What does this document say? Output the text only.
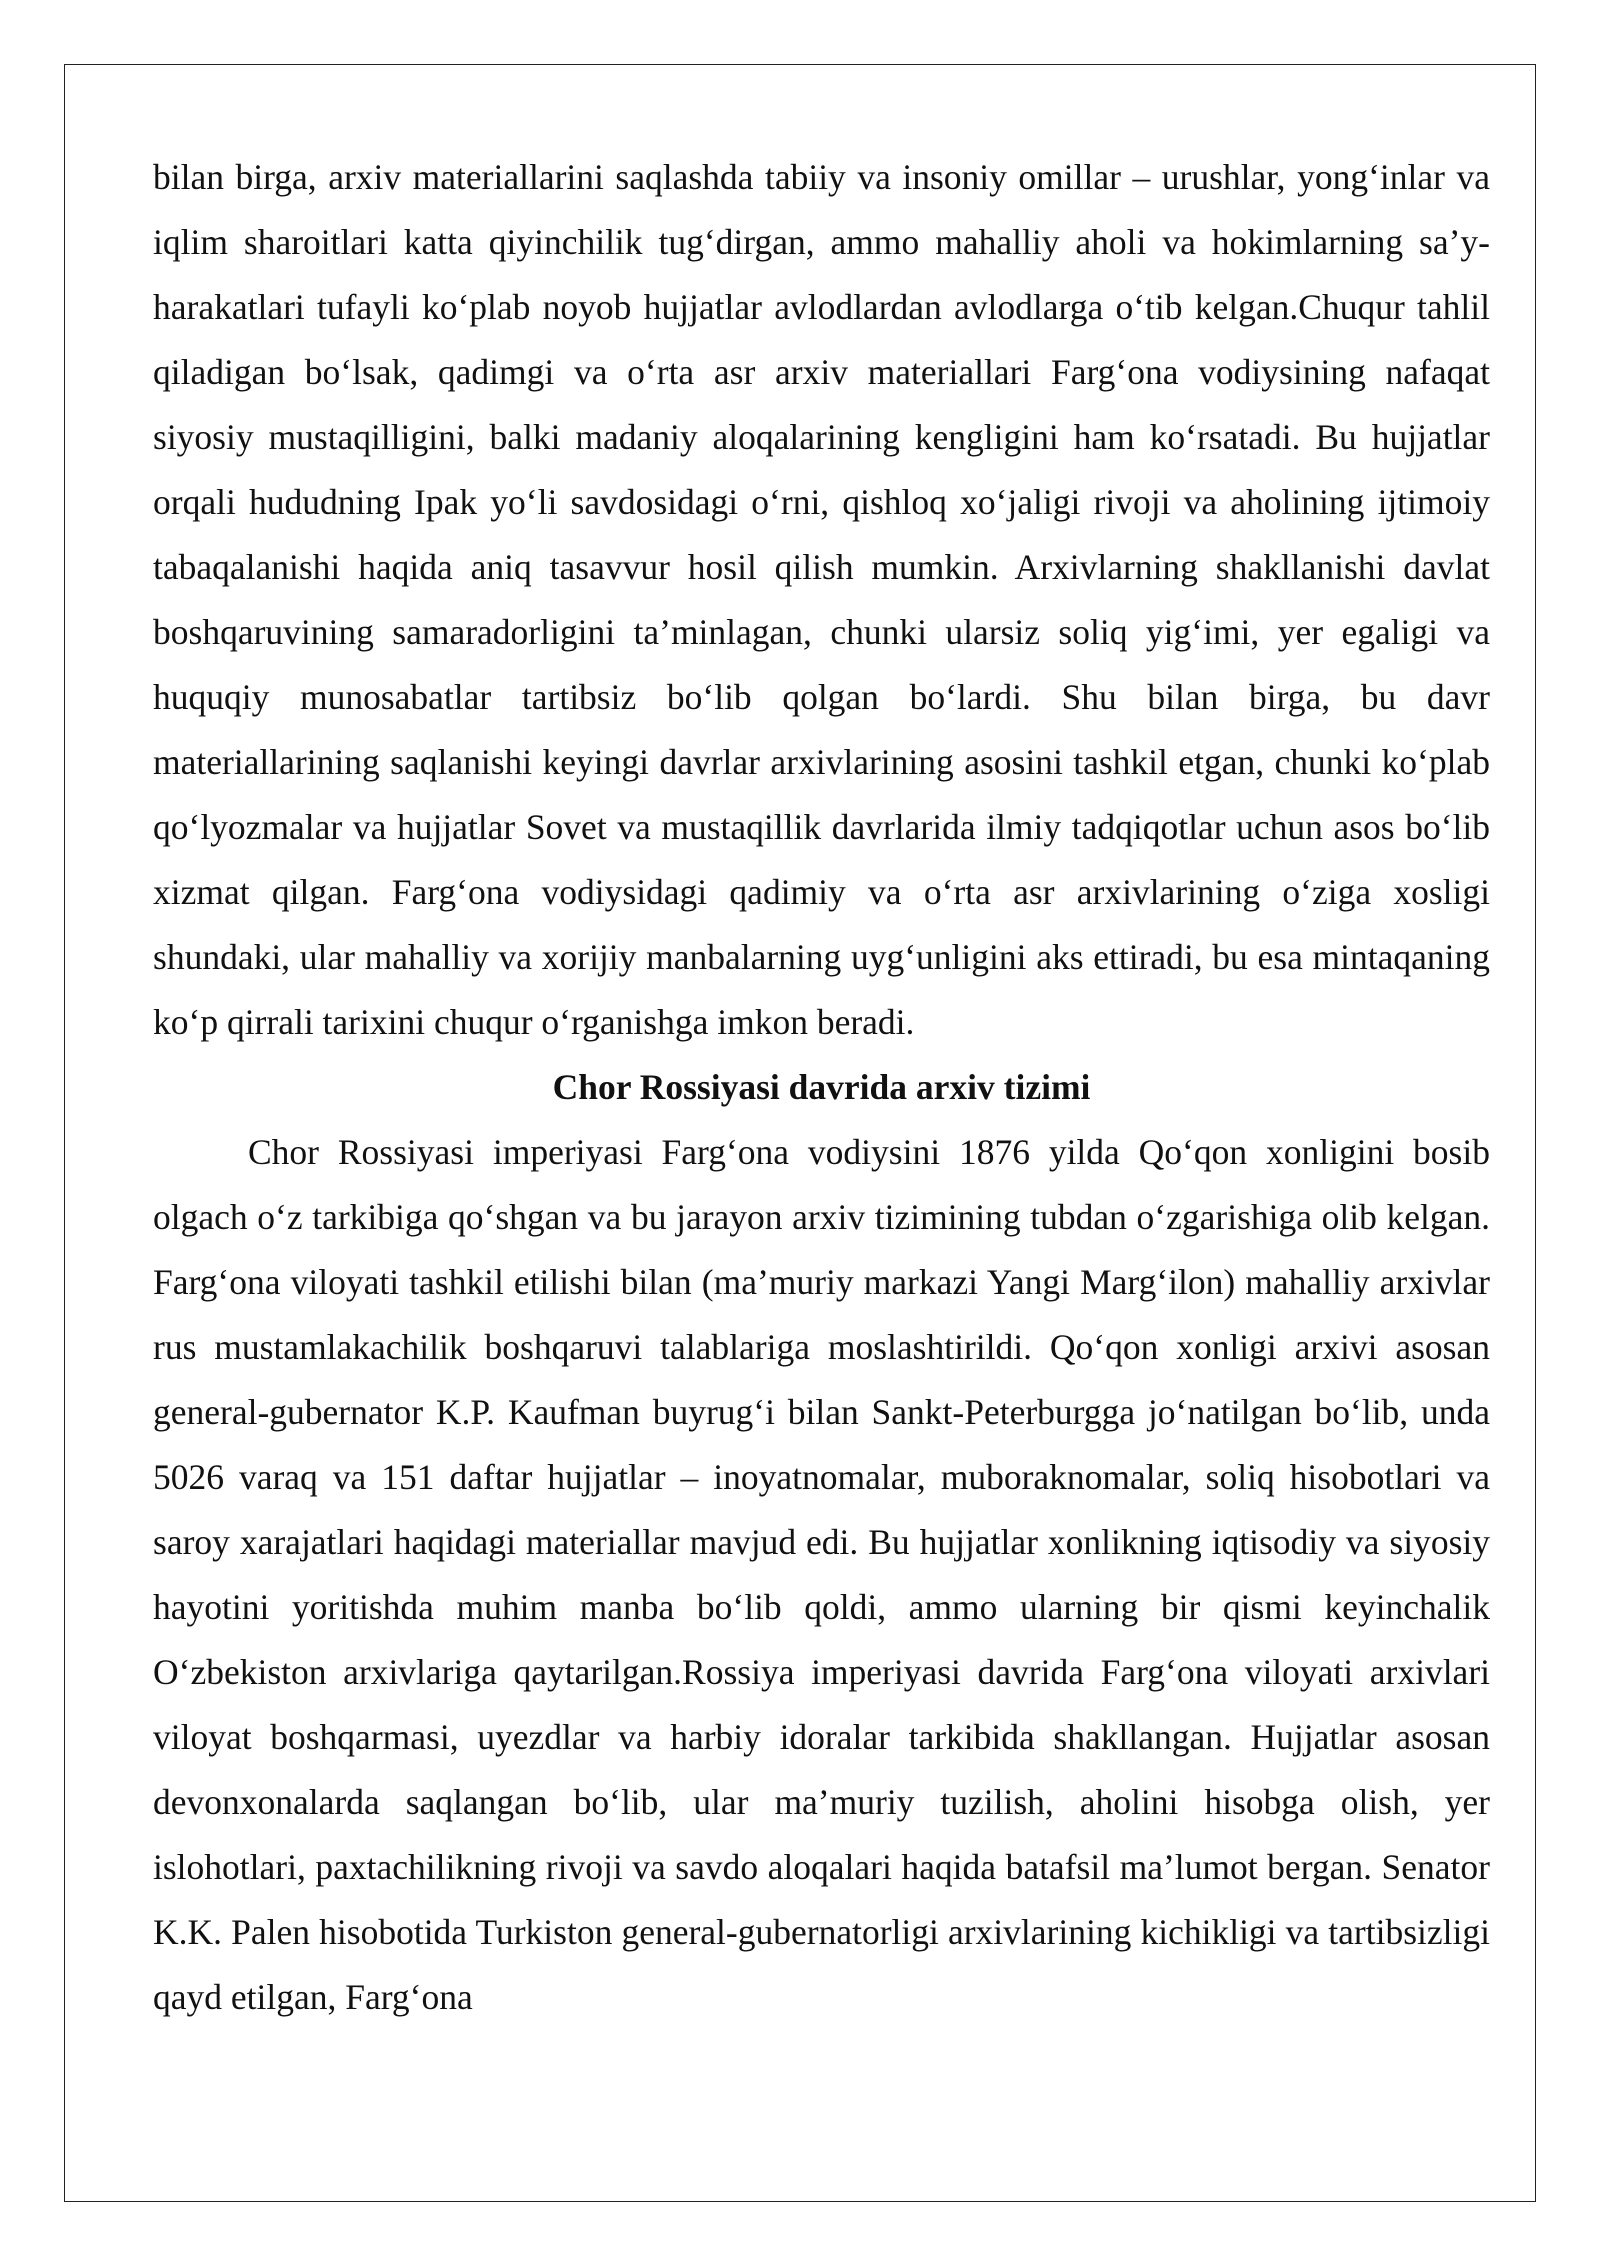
bilan birga, arxiv materiallarini saqlashda tabiiy va insoniy omillar – urushlar, yong‘inlar va iqlim sharoitlari katta qiyinchilik tug‘dirgan, ammo mahalliy aholi va hokimlarning sa’y-harakatlari tufayli ko‘plab noyob hujjatlar avlodlardan avlodlarga o‘tib kelgan.Chuqur tahlil qiladigan bo‘lsak, qadimgi va o‘rta asr arxiv materiallari Farg‘ona vodiysining nafaqat siyosiy mustaqilligini, balki madaniy aloqalarining kengligini ham ko‘rsatadi. Bu hujjatlar orqali hududning Ipak yo‘li savdosidagi o‘rni, qishloq xo‘jaligi rivoji va aholining ijtimoiy tabaqalanishi haqida aniq tasavvur hosil qilish mumkin. Arxivlarning shakllanishi davlat boshqaruvining samaradorligini ta’minlagan, chunki ularsiz soliq yig‘imi, yer egaligi va huquqiy munosabatlar tartibsiz bo‘lib qolgan bo‘lardi. Shu bilan birga, bu davr materiallarining saqlanishi keyingi davrlar arxivlarining asosini tashkil etgan, chunki ko‘plab qo‘lyozmalar va hujjatlar Sovet va mustaqillik davrlarida ilmiy tadqiqotlar uchun asos bo‘lib xizmat qilgan. Farg‘ona vodiysidagi qadimiy va o‘rta asr arxivlarining o‘ziga xosligi shundaki, ular mahalliy va xorijiy manbalarning uyg‘unligini aks ettiradi, bu esa mintaqaning ko‘p qirrali tarixini chuqur o‘rganishga imkon beradi.

Chor Rossiyasi davrida arxiv tizimi

Chor Rossiyasi imperiyasi Farg‘ona vodiysini 1876 yilda Qo‘qon xonligini bosib olgach o‘z tarkibiga qo‘shgan va bu jarayon arxiv tizimining tubdan o‘zgarishiga olib kelgan. Farg‘ona viloyati tashkil etilishi bilan (ma’muriy markazi Yangi Marg‘ilon) mahalliy arxivlar rus mustamlakachilik boshqaruvi talablariga moslashtirildi. Qo‘qon xonligi arxivi asosan general-gubernator K.P. Kaufman buyrug‘i bilan Sankt-Peterburgga jo‘natilgan bo‘lib, unda 5026 varaq va 151 daftar hujjatlar – inoyatnomalar, muboraknomalar, soliq hisobotlari va saroy xarajatlari haqidagi materiallar mavjud edi. Bu hujjatlar xonlikning iqtisodiy va siyosiy hayotini yoritishda muhim manba bo‘lib qoldi, ammo ularning bir qismi keyinchalik O‘zbekiston arxivlariga qaytarilgan.Rossiya imperiyasi davrida Farg‘ona viloyati arxivlari viloyat boshqarmasi, uyezdlar va harbiy idoralar tarkibida shakllangan. Hujjatlar asosan devonxonalarda saqlangan bo‘lib, ular ma’muriy tuzilish, aholini hisobga olish, yer islohotlari, paxtachilikning rivoji va savdo aloqalari haqida batafsil ma’lumot bergan. Senator K.K. Palen hisobotida Turkiston general-gubernatorligi arxivlarining kichikligi va tartibsizligi qayd etilgan, Farg‘ona
